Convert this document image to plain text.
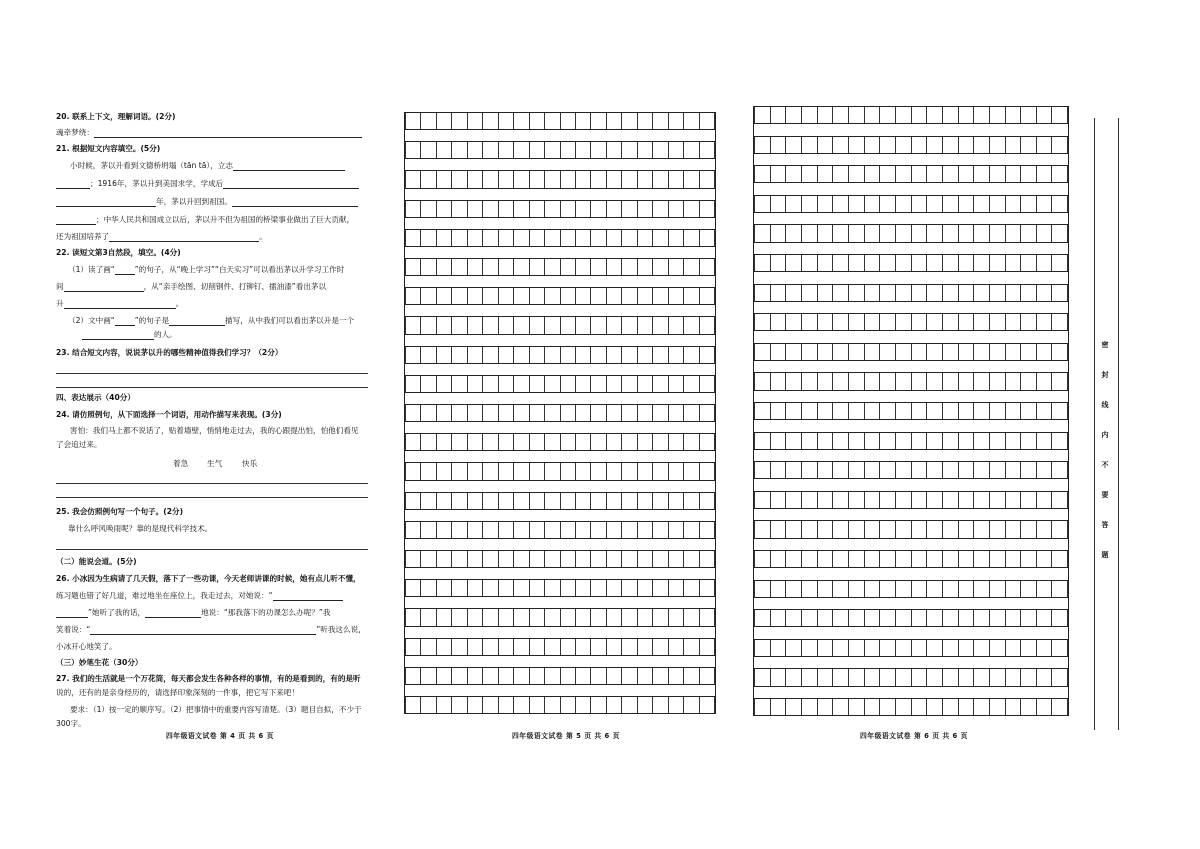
20. 联系上下文，理解词语。(2分)
魂牵梦绕：
21. 根据短文内容填空。(5分)
小时候，茅以升看到文德桥坍塌（tān tā），立志
；1916年，茅以升到美国求学，学成后
年，茅以升回到祖国。
；中华人民共和国成立以后，茅以升不但为祖国的桥梁事业做出了巨大贡献，
还为祖国培养了	。
22. 读短文第3自然段，填空。(4分)
（1）读了画“	”的句子，从“晚上学习”“白天实习”可以看出茅以升学习工作时
间	，从“亲手绘图、切削钢件、打铆钉、擂油漆”看出茅以
升	。
（2）文中画“	”的句子是	描写，从中我们可以看出茅以升是一个
的人。
23. 结合短文内容，说说茅以升的哪些精神值得我们学习？（2分）
四、表达展示（40分）
24. 请仿照例句，从下面选择一个词语，用动作描写来表现。(3分)
害怕：我们马上都不说话了，贴着墙壁，悄悄地走过去，我的心跟提出怕，怕他们看见
了会追过来。
着急 生气	快乐
25. 我会仿照例句写一个句子。(2分)
靠什么呼风唤雨呢？靠的是现代科学技术。
（二）能说会道。(5分)
26. 小冰因为生病请了几天假，落下了一些功课，今天老师讲课的时候，她有点儿听不懂，
练习题也错了好几道，难过地坐在座位上，我走过去，对她说：“
”她听了我的话，	地说：“那我落下的功课怎么办呢？”我
笑着说：“	”听我这么说，
小冰开心地笑了。
（三）妙笔生花（30分）
27. 我们的生活就是一个万花筒，每天都会发生各种各样的事情，有的是看到的，有的是听
说的，还有的是亲身经历的，请选择印象深刻的一件事，把它写下来吧！
要求：（1）按一定的顺序写。（2）把事情中的重要内容写清楚。（3）题目自拟，不少于
300字。
四年级语文试卷 第 4 页 共 6 页	四年级语文试卷 第 5 页 共 6 页	四年级语文试卷 第 6 页 共 6 页
密
封
线
内
不
要
答
题
